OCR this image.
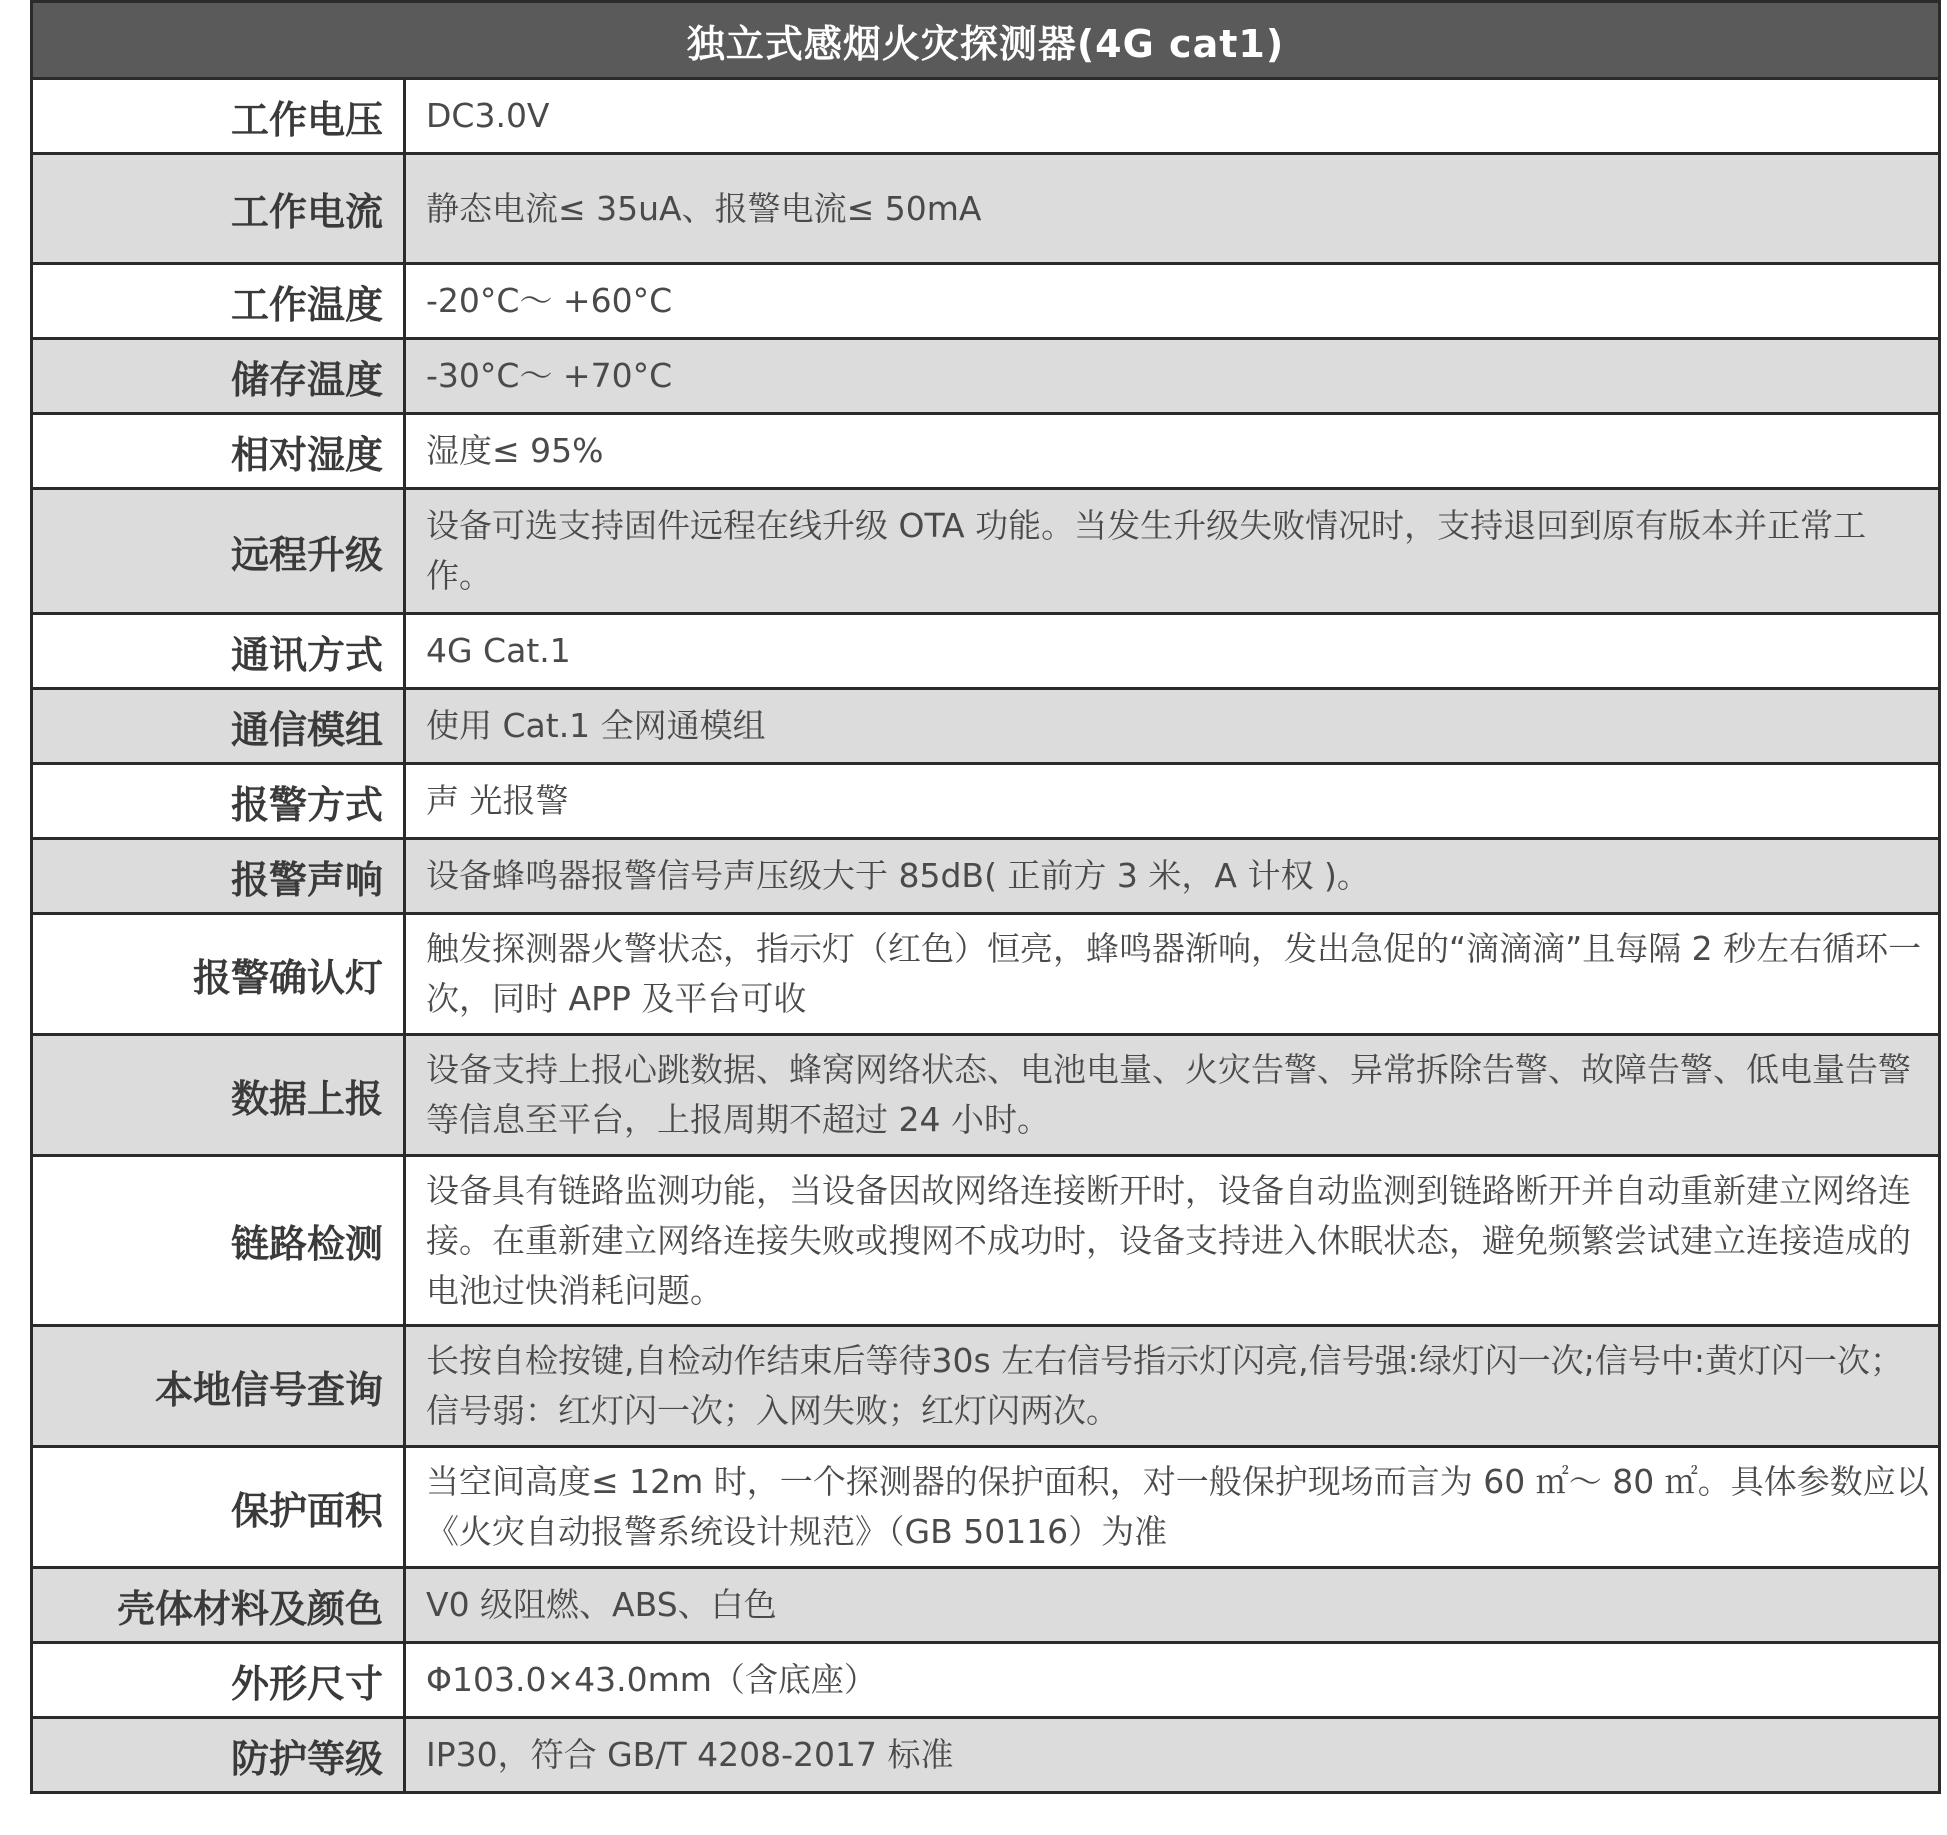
独立式感烟火灾探测器(4G cat1)	
工作电压	DC3.0V
工作电流	静态电流≤ 35uA、报警电流≤ 50mA
工作温度	-20°C～ +60°C
储存温度	-30°C～ +70°C
相对湿度	湿度≤ 95%
远程升级	设备可选支持固件远程在线升级 OTA 功能。当发生升级失败情况时，支持退回到原有版本并正常工作。
通讯方式	4G Cat.1
通信模组	使用 Cat.1 全网通模组
报警方式	声 光报警
报警声响	设备蜂鸣器报警信号声压级大于 85dB( 正前方 3 米，A 计权 )。
报警确认灯	触发探测器火警状态，指示灯（红色）恒亮，蜂鸣器渐响，发出急促的“滴滴滴”且每隔 2 秒左右循环一次，同时 APP 及平台可收
数据上报	设备支持上报心跳数据、蜂窝网络状态、电池电量、火灾告警、异常拆除告警、故障告警、低电量告警等信息至平台，上报周期不超过 24 小时。
链路检测	设备具有链路监测功能，当设备因故网络连接断开时，设备自动监测到链路断开并自动重新建立网络连接。在重新建立网络连接失败或搜网不成功时，设备支持进入休眠状态，避免频繁尝试建立连接造成的电池过快消耗问题。
本地信号查询	长按自检按键,自检动作结束后等待30s 左右信号指示灯闪亮,信号强:绿灯闪一次;信号中:黄灯闪一次；信号弱：红灯闪一次；入网失败；红灯闪两次。
保护面积	当空间高度≤ 12m 时，一个探测器的保护面积，对一般保护现场而言为 60 ㎡～ 80 ㎡。具体参数应以《火灾自动报警系统设计规范》（GB 50116）为准
壳体材料及颜色	V0 级阻燃、ABS、白色
外形尺寸	Φ103.0×43.0mm（含底座）
防护等级	IP30，符合 GB/T 4208-2017 标准
